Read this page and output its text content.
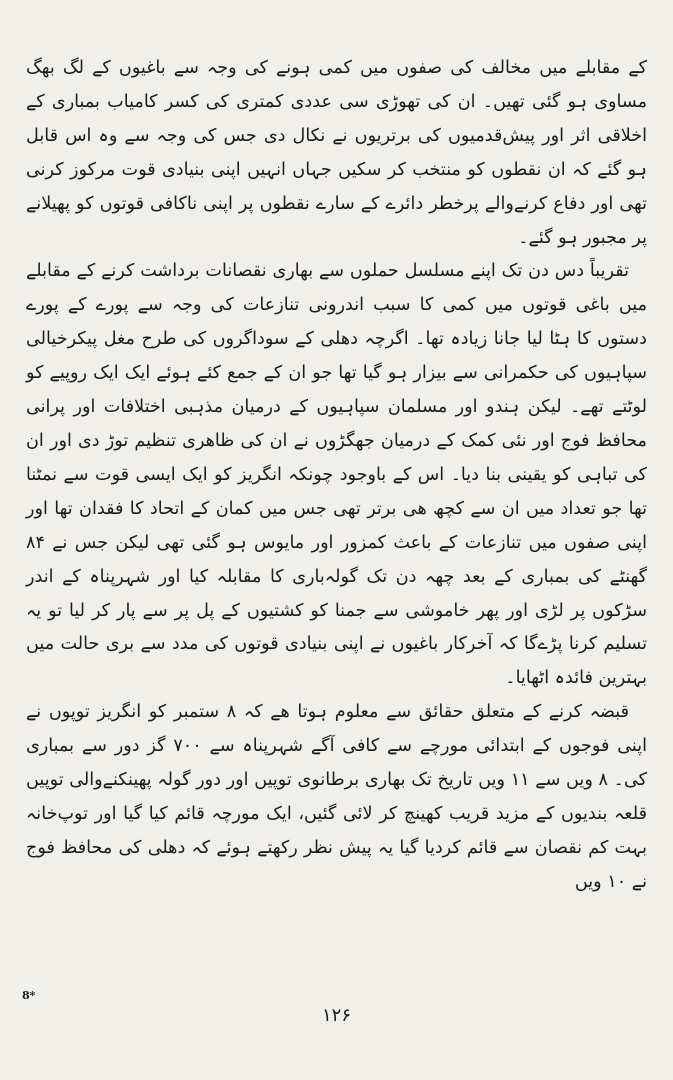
کے مقابلے میں مخالف کی صفوں میں کمی ہونے کی وجہ سے باغیوں کے لگ بھگ مساوی ہو گئی تھیں۔ ان کی تھوڑی سی عددی کمتری کی کسر کامیاب بمباری کے اخلاقی اثر اور پیش‌قدمیوں کی برتریوں نے نکال دی جس کی وجہ سے وہ اس قابل ہو گئے کہ ان نقطوں کو منتخب کر سکیں جہاں انہیں اپنی بنیادی قوت مرکوز کرنی تھی اور دفاع کرنےوالے پرخطر دائرے کے سارے نقطوں پر اپنی ناکافی قوتوں کو پھیلانے پر مجبور ہو گئے۔

تقریباً دس دن تک اپنے مسلسل حملوں سے بھاری نقصانات برداشت کرنے کے مقابلے میں باغی قوتوں میں کمی کا سبب اندرونی تنازعات کی وجہ سے پورے کے پورے دستوں کا ہٹا لیا جانا زیادہ تھا۔ اگرچہ دھلی کے سوداگروں کی طرح مغل پیکرخیالی سپاہیوں کی حکمرانی سے بیزار ہو گیا تھا جو ان کے جمع کئے ہوئے ایک ایک روپیے کو لوٹتے تھے۔ لیکن ہندو اور مسلمان سپاہیوں کے درمیان مذہبی اختلافات اور پرانی محافظ فوج اور نئی کمک کے درمیان جھگڑوں نے ان کی ظاھری تنظیم توڑ دی اور ان کی تباہی کو یقینی بنا دیا۔ اس کے باوجود چونکہ انگریز کو ایک ایسی قوت سے نمٹنا تھا جو تعداد میں ان سے کچھ ھی برتر تھی جس میں کمان کے اتحاد کا فقدان تھا اور اپنی صفوں میں تنازعات کے باعث کمزور اور مایوس ہو گئی تھی لیکن جس نے ۸۴ گھنٹے کی بمباری کے بعد چھہ دن تک گولہ‌باری کا مقابلہ کیا اور شہرپناہ کے اندر سڑکوں پر لڑی اور پھر خاموشی سے جمنا کو کشتیوں کے پل پر سے پار کر لیا تو یہ تسلیم کرنا پڑے‌گا کہ آخرکار باغیوں نے اپنی بنیادی قوتوں کی مدد سے بری حالت میں بہترین فائدہ اٹھایا۔

قبضہ کرنے کے متعلق حقائق سے معلوم ہوتا ھے کہ ۸ ستمبر کو انگریز توپوں نے اپنی فوجوں کے ابتدائی مورچے سے کافی آگے شہرپناہ سے ۷۰۰ گز دور سے بمباری کی۔ ۸ ویں سے ۱۱ ویں تاریخ تک بھاری برطانوی توپیں اور دور گولہ پھینکنےوالی توپیں قلعہ بندیوں کے مزید قریب کھینچ کر لائی گئیں، ایک مورچہ قائم کیا گیا اور توپ‌خانہ بہت کم نقصان سے قائم کردیا گیا یہ پیش نظر رکھتے ہوئے کہ دھلی کی محافظ فوج نے ۱۰ ویں

8*
۱۲۶
